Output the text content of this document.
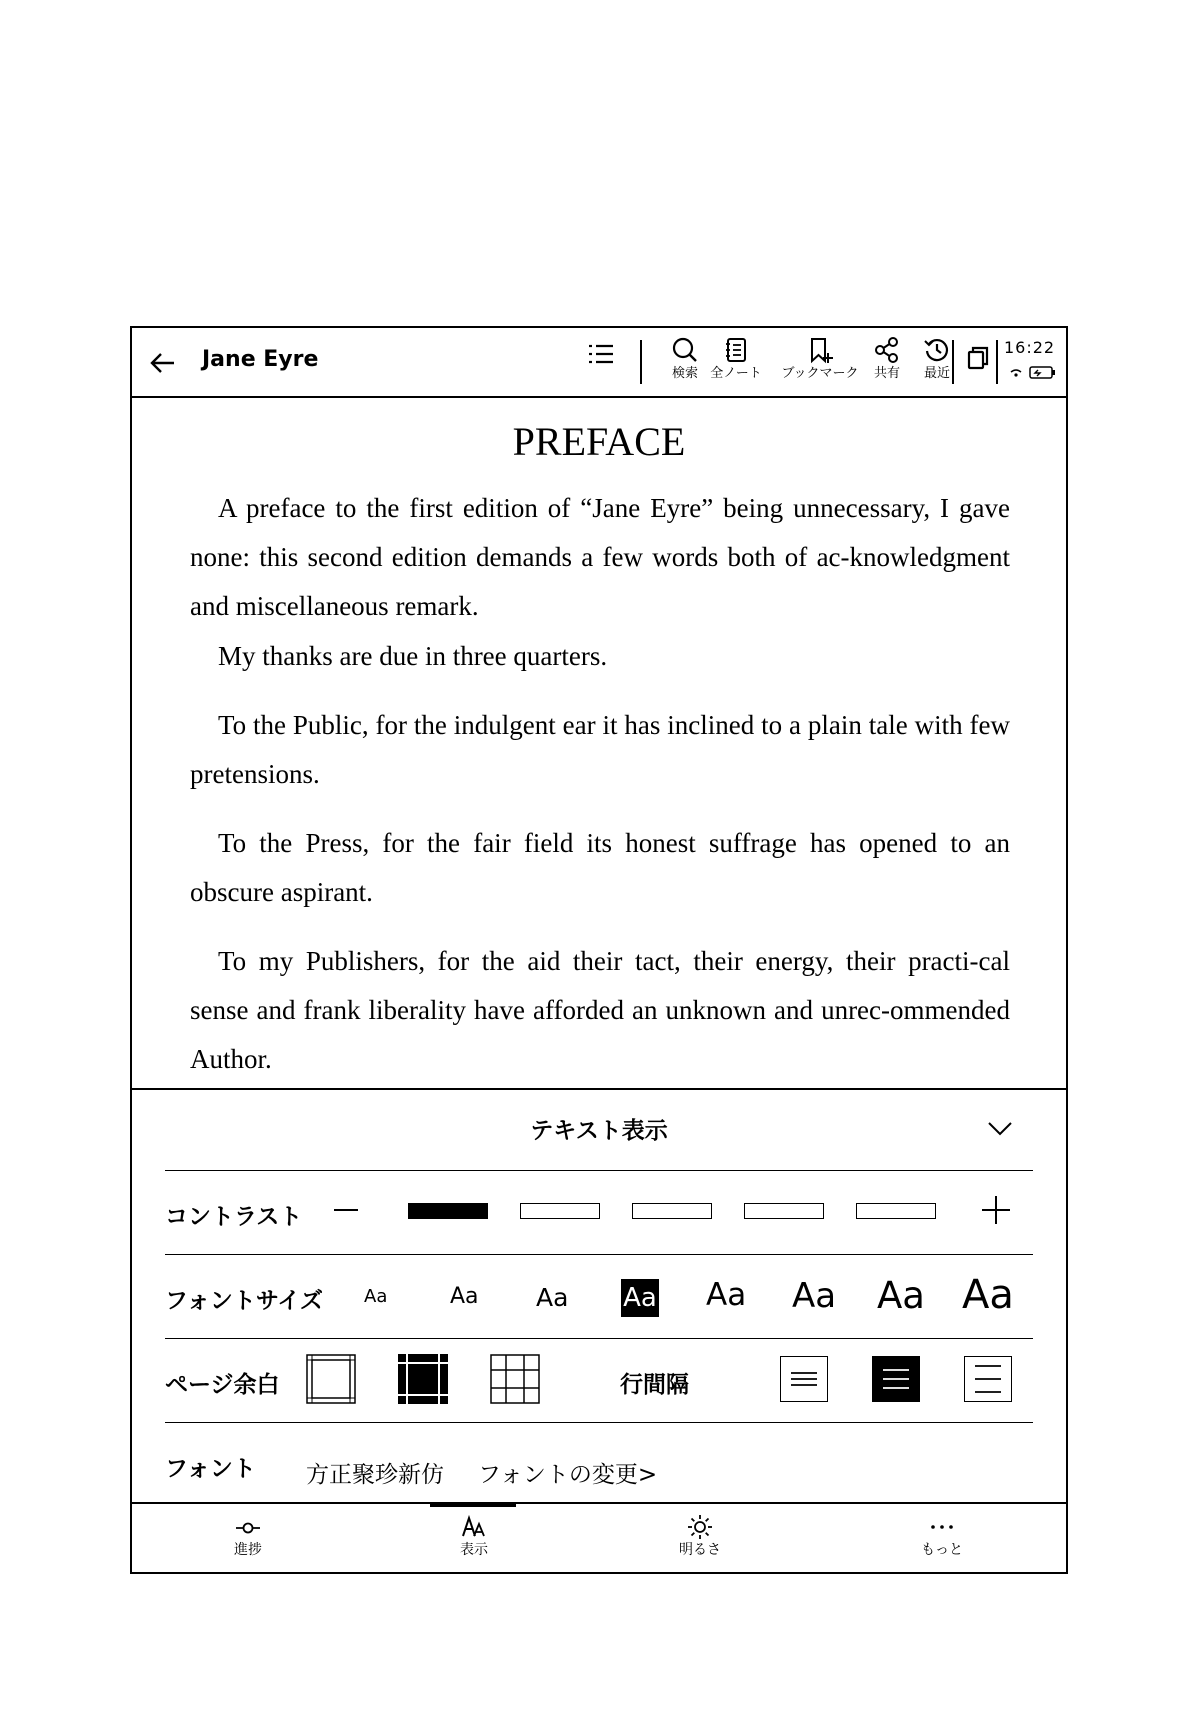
Jane Eyre
検索 全ノート	ブックマーク	共有	最近
16:22
PREFACE
A preface to the first edition of “Jane Eyre” being unnecessary, I gave none: this second edition demands a few words both of ac-knowledgment and miscellaneous remark.
My thanks are due in three quarters.
To the Public, for the indulgent ear it has inclined to a plain tale with few pretensions.
To the Press, for the fair field its honest suffrage has opened to an obscure aspirant.
To my Publishers, for the aid their tact, their energy, their practi-cal sense and frank liberality have afforded an unknown and unrec-ommended Author.
テキスト表示
コントラスト
フォントサイズ Aa	Aa Aa Aa Aa Aa Aa Aa
ページ余白	行間隔
フォント 方正聚珍新仿 フォントの変更>
進捗	表示	明るさ	もっと
